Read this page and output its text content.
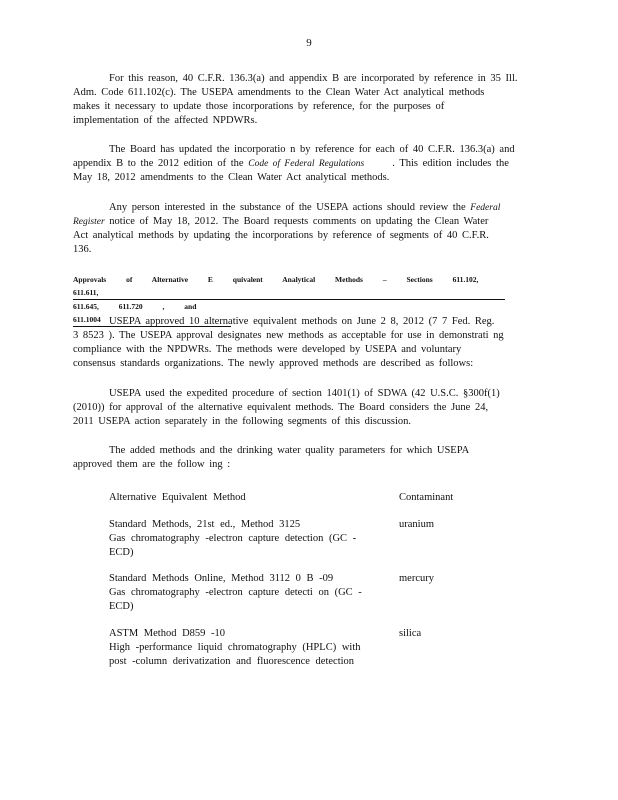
9
For this reason, 40 C.F.R. 136.3(a) and appendix B are incorporated by reference in 35 Ill.
Adm. Code 611.102(c). The USEPA amendments to the Clean Water Act analytical methods
makes it necessary to update those incorporations by reference, for the purposes of
implementation of the affected NPDWRs.
The Board has updated the incorporatio n by reference for each of 40 C.F.R. 136.3(a) and
appendix B to the 2012 edition of the Code of Federal Regulations	. This edition includes the
May 18, 2012 amendments to the Clean Water Act analytical methods.
Any person interested in the substance of the USEPA actions should review the Federal
Register notice of May 18, 2012. The Board requests comments on updating the Clean Water
Act analytical methods by updating the incorporations by reference of segments of 40 C.F.R.
136.
Approvals of Alternative E quivalent Analytical Methods – Sections 611.102, 611.611,
611.645, 611.720 , and 611.1004 USEPA approved 10 alternative equivalent methods on June 2 8, 2012 (7 7 Fed. Reg.
3 8523 ). The USEPA approval designates new methods as acceptable for use in demonstrati ng
compliance with the NPDWRs. The methods were developed by USEPA and voluntary
consensus standards organizations. The newly approved methods are described as follows:
USEPA used the expedited procedure of section 1401(1) of SDWA (42 U.S.C. §300f(1)
(2010)) for approval of the alternative equivalent methods. The Board considers the June 24,
2011 USEPA action separately in the following segments of this discussion.
The added methods and the drinking water quality parameters for which USEPA
approved them are the follow ing :
Alternative Equivalent Method	Contaminant
Standard Methods, 21st ed., Method 3125
Gas chromatography -electron capture detection (GC -
ECD)
uranium
Standard Methods Online, Method 3112 0 B -09
Gas chromatography -electron capture detecti on (GC -
ECD)
mercury
ASTM Method D859 -10
High -performance liquid chromatography (HPLC) with
post -column derivatization and fluorescence detection
silica
